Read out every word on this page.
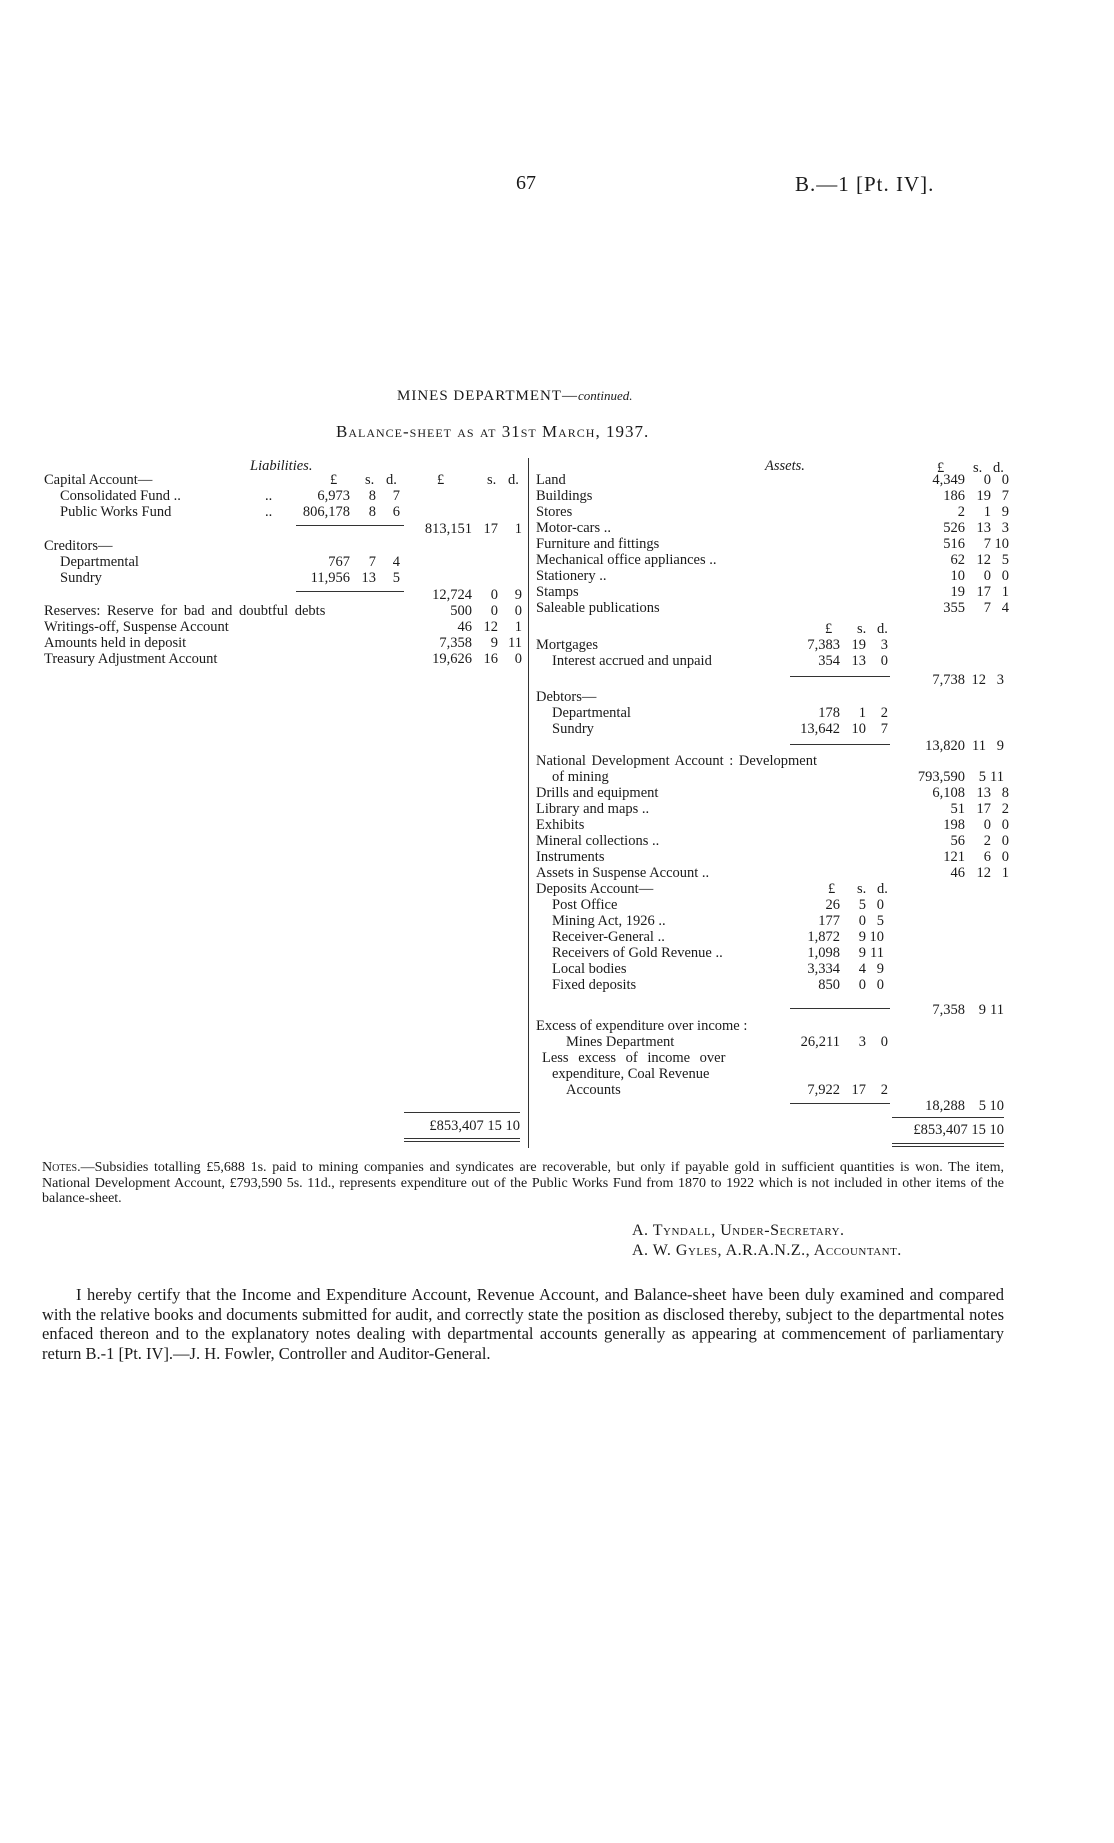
67	B.—1 [Pt. IV].
MINES DEPARTMENT—continued.
Balance-sheet as at 31st March, 1937.
Liabilities.
£ s. d.	£	s. d.
Capital Account—
Consolidated Fund ..	..	6,973	8	7
Public Works Fund	..	806,178	8	6
813,151 17	1
Creditors—
Departmental	767	7	4
Sundry	11,956 13	5
12,724	0	9
Reserves: Reserve for bad and doubtful debts	500	0	0
Writings-off, Suspense Account	46 12	1
Amounts held in deposit	7,358	9 11
Treasury Adjustment Account	19,626 16	0
£853,407 15 10
Assets.	£ s. d.
Land	4,349	0 0
Buildings	186 19 7
Stores	2	1 9
Motor-cars ..	526 13 3
Furniture and fittings	516	7 10
Mechanical office appliances ..	62 12 5
Stationery ..	10	0 0
Stamps	19 17 1
Saleable publications	355	7 4
£ s. d.
Mortgages	7,383 19	3
Interest accrued and unpaid	354 13	0
7,738 12 3
Debtors—
Departmental	178	1	2
Sundry	13,642 10	7
13,820 11 9
National Development Account : Development
of mining	793,590 5 11
Drills and equipment	6,108 13 8
Library and maps ..	51 17 2
Exhibits	198	0 0
Mineral collections ..	56	2 0
Instruments	121	6 0
Assets in Suspense Account ..	46 12 1
Deposits Account—	£ s. d.
Post Office	26	5 0
Mining Act, 1926 ..	177	0 5
Receiver-General ..	1,872	9 10
Receivers of Gold Revenue ..	1,098	9 11
Local bodies	3,334	4 9
Fixed deposits	850	0 0
7,358 9 11
Excess of expenditure over income :
Mines Department	26,211	3	0
Less excess of income over
expenditure, Coal Revenue
Accounts	7,922 17	2
18,288 5 10
£853,407 15 10
Notes.—Subsidies totalling £5,688 1s. paid to mining companies and syndicates are recoverable, but only if payable gold in sufficient quantities is won. The item, National Development Account, £793,590 5s. 11d., represents expenditure out of the Public Works Fund from 1870 to 1922 which is not included in other items of the balance-sheet.
A. Tyndall, Under-Secretary.
A. W. Gyles, A.R.A.N.Z., Accountant.
I hereby certify that the Income and Expenditure Account, Revenue Account, and Balance-sheet have been duly examined and compared with the relative books and documents submitted for audit, and correctly state the position as disclosed thereby, subject to the departmental notes enfaced thereon and to the explanatory notes dealing with departmental accounts generally as appearing at commencement of parliamentary return B.-1 [Pt. IV].—J. H. Fowler, Controller and Auditor-General.
